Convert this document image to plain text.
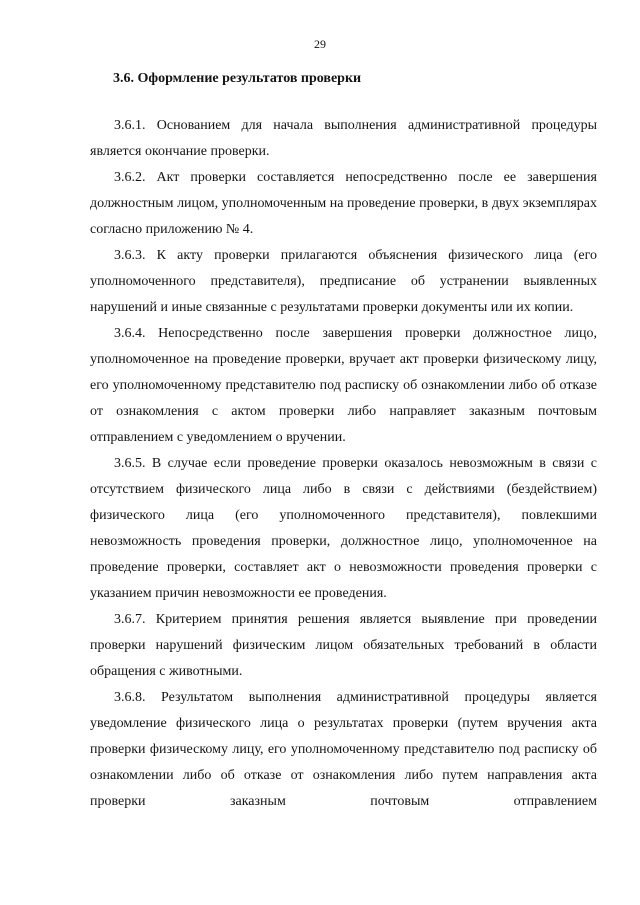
29
3.6. Оформление результатов проверки

3.6.1. Основанием для начала выполнения административной процедуры является окончание проверки.

3.6.2. Акт проверки составляется непосредственно после ее завершения должностным лицом, уполномоченным на проведение проверки, в двух экземплярах согласно приложению № 4.

3.6.3. К акту проверки прилагаются объяснения физического лица (его уполномоченного представителя), предписание об устранении выявленных нарушений и иные связанные с результатами проверки документы или их копии.

3.6.4. Непосредственно после завершения проверки должностное лицо, уполномоченное на проведение проверки, вручает акт проверки физическому лицу, его уполномоченному представителю под расписку об ознакомлении либо об отказе от ознакомления с актом проверки либо направляет заказным почтовым отправлением с уведомлением о вручении.

3.6.5. В случае если проведение проверки оказалось невозможным в связи с отсутствием физического лица либо в связи с действиями (бездействием) физического лица (его уполномоченного представителя), повлекшими невозможность проведения проверки, должностное лицо, уполномоченное на проведение проверки, составляет акт о невозможности проведения проверки с указанием причин невозможности ее проведения.

3.6.7. Критерием принятия решения является выявление при проведении проверки нарушений физическим лицом обязательных требований в области обращения с животными.

3.6.8. Результатом выполнения административной процедуры является уведомление физического лица о результатах проверки (путем вручения акта проверки физическому лицу, его уполномоченному представителю под расписку об ознакомлении либо об отказе от ознакомления либо путем направления акта проверки заказным почтовым отправлением
